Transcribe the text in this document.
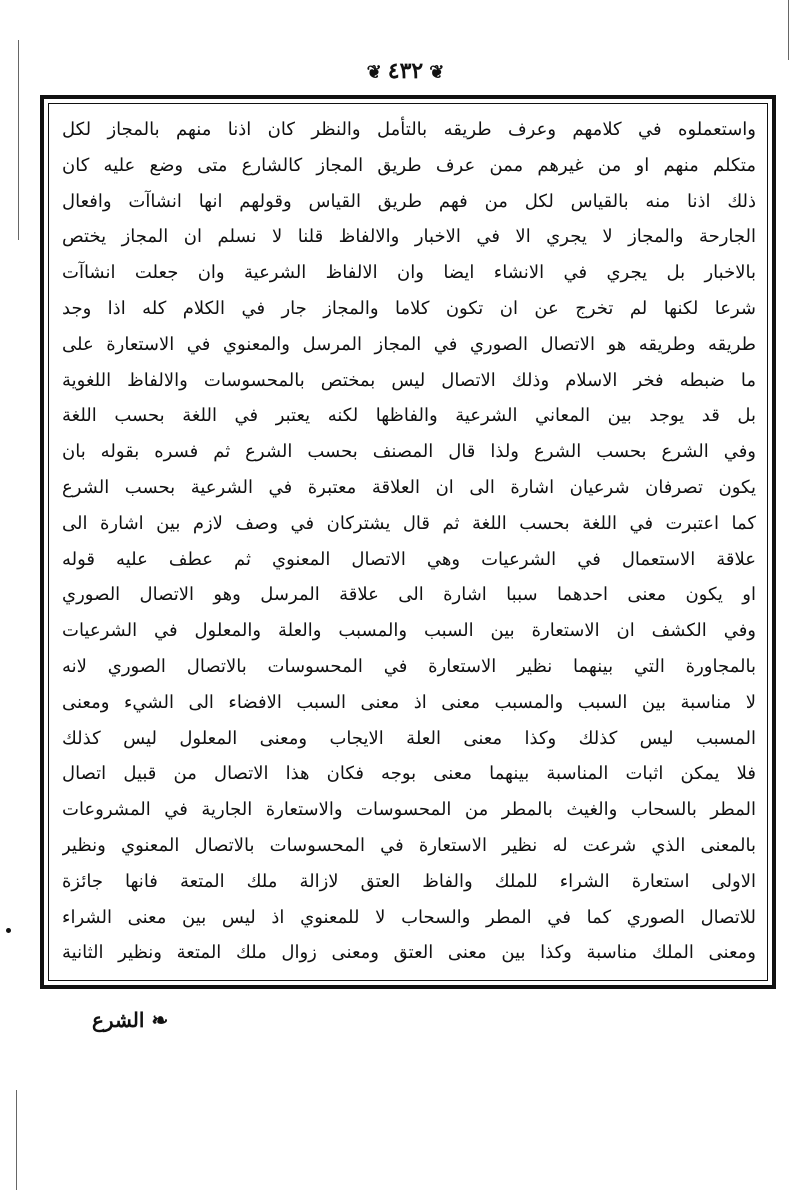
❦ ٤٣٢ ❦
واستعملوه في كلامهم وعرف طريقه بالتأمل والنظر كان اذنا منهم بالمجاز لكل
متكلم منهم او من غيرهم ممن عرف طريق المجاز كالشارع متى وضع عليه كان
ذلك اذنا منه بالقياس لكل من فهم طريق القياس وقولهم انها انشاآت وافعال
الجارحة والمجاز لا يجري الا في الاخبار والالفاظ قلنا لا نسلم ان المجاز يختص
بالاخبار بل يجري في الانشاء ايضا وان الالفاظ الشرعية وان جعلت انشاآت
شرعا لكنها لم تخرج عن ان تكون كلاما والمجاز جار في الكلام كله اذا وجد
طريقه وطريقه هو الاتصال الصوري في المجاز المرسل والمعنوي في الاستعارة على
ما ضبطه فخر الاسلام وذلك الاتصال ليس بمختص بالمحسوسات والالفاظ اللغوية
بل قد يوجد بين المعاني الشرعية والفاظها لكنه يعتبر في اللغة بحسب اللغة
وفي الشرع بحسب الشرع ولذا قال المصنف بحسب الشرع ثم فسره بقوله بان
يكون تصرفان شرعيان اشارة الى ان العلاقة معتبرة في الشرعية بحسب الشرع
كما اعتبرت في اللغة بحسب اللغة ثم قال يشتركان في وصف لازم بين اشارة الى
علاقة الاستعمال في الشرعيات وهي الاتصال المعنوي ثم عطف عليه قوله
او يكون معنى احدهما سببا اشارة الى علاقة المرسل وهو الاتصال الصوري
وفي الكشف ان الاستعارة بين السبب والمسبب والعلة والمعلول في الشرعيات
بالمجاورة التي بينهما نظير الاستعارة في المحسوسات بالاتصال الصوري لانه
لا مناسبة بين السبب والمسبب معنى اذ معنى السبب الافضاء الى الشيء ومعنى
المسبب ليس كذلك وكذا معنى العلة الايجاب ومعنى المعلول ليس كذلك
فلا يمكن اثبات المناسبة بينهما معنى بوجه فكان هذا الاتصال من قبيل اتصال
المطر بالسحاب والغيث بالمطر من المحسوسات والاستعارة الجارية في المشروعات
بالمعنى الذي شرعت له نظير الاستعارة في المحسوسات بالاتصال المعنوي ونظير
الاولى استعارة الشراء للملك والفاظ العتق لازالة ملك المتعة فانها جائزة
للاتصال الصوري كما في المطر والسحاب لا للمعنوي اذ ليس بين معنى الشراء
ومعنى الملك مناسبة وكذا بين معنى العتق ومعنى زوال ملك المتعة ونظير الثانية
❧ الشرع
